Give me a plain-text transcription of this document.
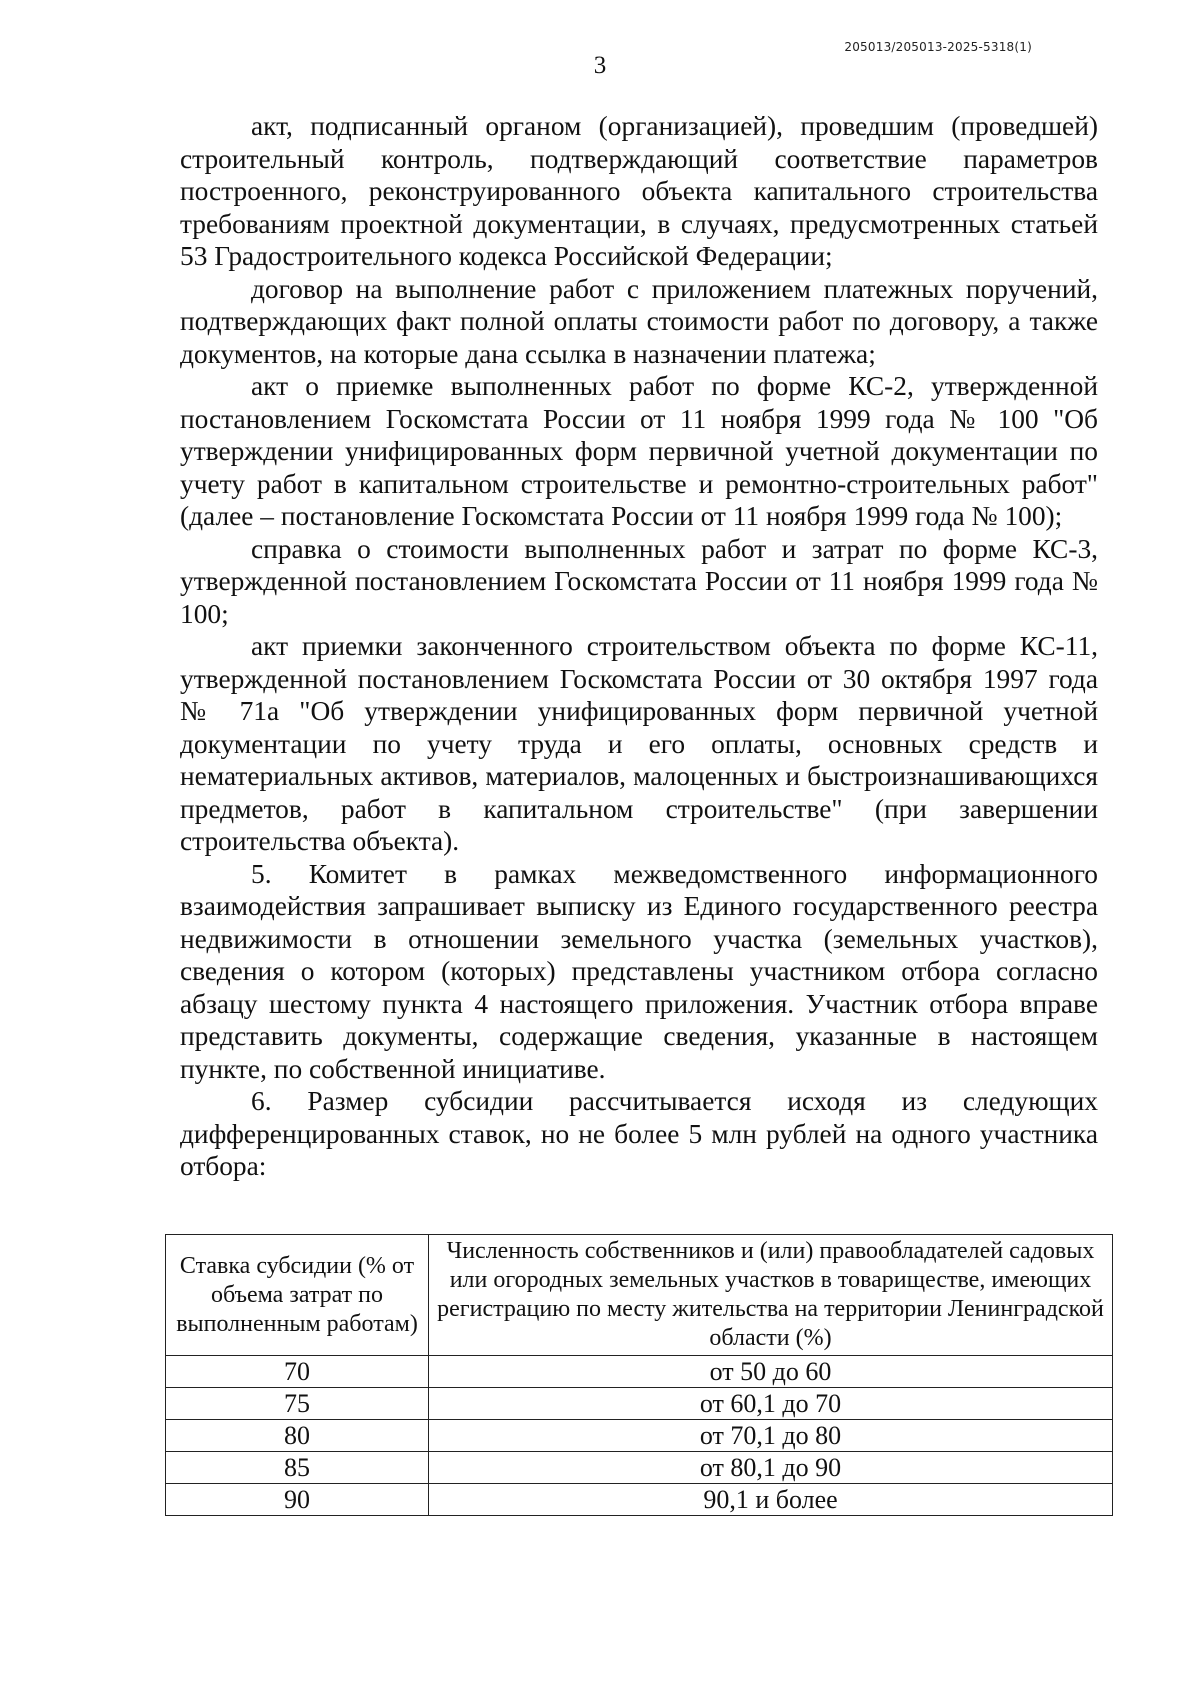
205013/205013-2025-5318(1)
3

акт, подписанный органом (организацией), проведшим (проведшей) строительный контроль, подтверждающий соответствие параметров построенного, реконструированного объекта капитального строительства требованиям проектной документации, в случаях, предусмотренных статьей 53 Градостроительного кодекса Российской Федерации;

договор на выполнение работ с приложением платежных поручений, подтверждающих факт полной оплаты стоимости работ по договору, а также документов, на которые дана ссылка в назначении платежа;

акт о приемке выполненных работ по форме КС-2, утвержденной постановлением Госкомстата России от 11 ноября 1999 года № 100 "Об утверждении унифицированных форм первичной учетной документации по учету работ в капитальном строительстве и ремонтно-строительных работ" (далее – постановление Госкомстата России от 11 ноября 1999 года № 100);

справка о стоимости выполненных работ и затрат по форме КС-3, утвержденной постановлением Госкомстата России от 11 ноября 1999 года № 100;

акт приемки законченного строительством объекта по форме КС-11, утвержденной постановлением Госкомстата России от 30 октября 1997 года № 71а "Об утверждении унифицированных форм первичной учетной документации по учету труда и его оплаты, основных средств и нематериальных активов, материалов, малоценных и быстроизнашивающихся предметов, работ в капитальном строительстве" (при завершении строительства объекта).

5. Комитет в рамках межведомственного информационного взаимодействия запрашивает выписку из Единого государственного реестра недвижимости в отношении земельного участка (земельных участков), сведения о котором (которых) представлены участником отбора согласно абзацу шестому пункта 4 настоящего приложения. Участник отбора вправе представить документы, содержащие сведения, указанные в настоящем пункте, по собственной инициативе.

6. Размер субсидии рассчитывается исходя из следующих дифференцированных ставок, но не более 5 млн рублей на одного участника отбора:

Ставка субсидии (% от объема затрат по выполненным работам)	Численность собственников и (или) правообладателей садовых или огородных земельных участков в товариществе, имеющих регистрацию по месту жительства на территории Ленинградской области (%)
70	от 50 до 60
75	от 60,1 до 70
80	от 70,1 до 80
85	от 80,1 до 90
90	90,1 и более
